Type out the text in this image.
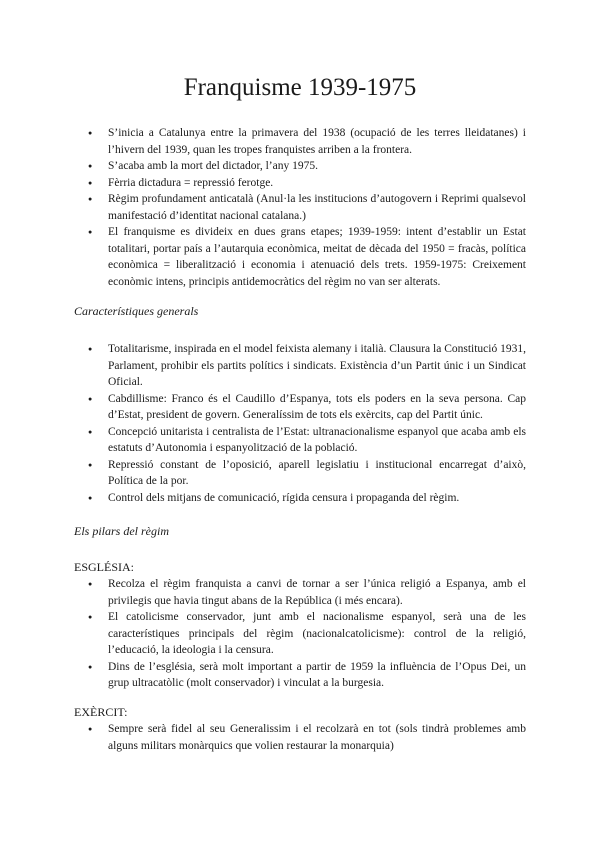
Franquisme 1939-1975
● S’inicia a Catalunya entre la primavera del 1938 (ocupació de les terres lleidatanes) i l’hivern del 1939, quan les tropes franquistes arriben a la frontera.
● S’acaba amb la mort del dictador, l’any 1975.
● Fèrria dictadura = repressió ferotge.
● Règim profundament anticatalà (Anul·la les institucions d’autogovern i Reprimi qualsevol manifestació d’identitat nacional catalana.)
● El franquisme es divideix en dues grans etapes; 1939-1959: intent d’establir un Estat totalitari, portar país a l’autarquia econòmica, meitat de dècada del 1950 = fracàs, política econòmica = liberalització i economia i atenuació dels trets. 1959-1975: Creixement econòmic intens, principis antidemocràtics del règim no van ser alterats.

Característiques generals

● Totalitarisme, inspirada en el model feixista alemany i italià. Clausura la Constitució 1931, Parlament, prohibir els partits polítics i sindicats. Existència d’un Partit únic i un Sindicat Oficial.
● Cabdillisme: Franco és el Caudillo d’Espanya, tots els poders en la seva persona. Cap d’Estat, president de govern. Generalíssim de tots els exèrcits, cap del Partit únic.
● Concepció unitarista i centralista de l’Estat: ultranacionalisme espanyol que acaba amb els estatuts d’Autonomia i espanyolització de la població.
● Repressió constant de l’oposició, aparell legislatiu i institucional encarregat d’això, Política de la por.
● Control dels mitjans de comunicació, rígida censura i propaganda del règim.

Els pilars del règim

ESGLÉSIA:

● Recolza el règim franquista a canvi de tornar a ser l’única religió a Espanya, amb el privilegis que havia tingut abans de la República (i més encara).
● El catolicisme conservador, junt amb el nacionalisme espanyol, serà una de les característiques principals del règim (nacionalcatolicisme): control de la religió, l’educació, la ideologia i la censura.
● Dins de l’església, serà molt important a partir de 1959 la influència de l’Opus Dei, un grup ultracatòlic (molt conservador) i vinculat a la burgesia.

EXÈRCIT:

● Sempre serà fidel al seu Generalissim i el recolzarà en tot (sols tindrà problemes amb alguns militars monàrquics que volien restaurar la monarquia)
